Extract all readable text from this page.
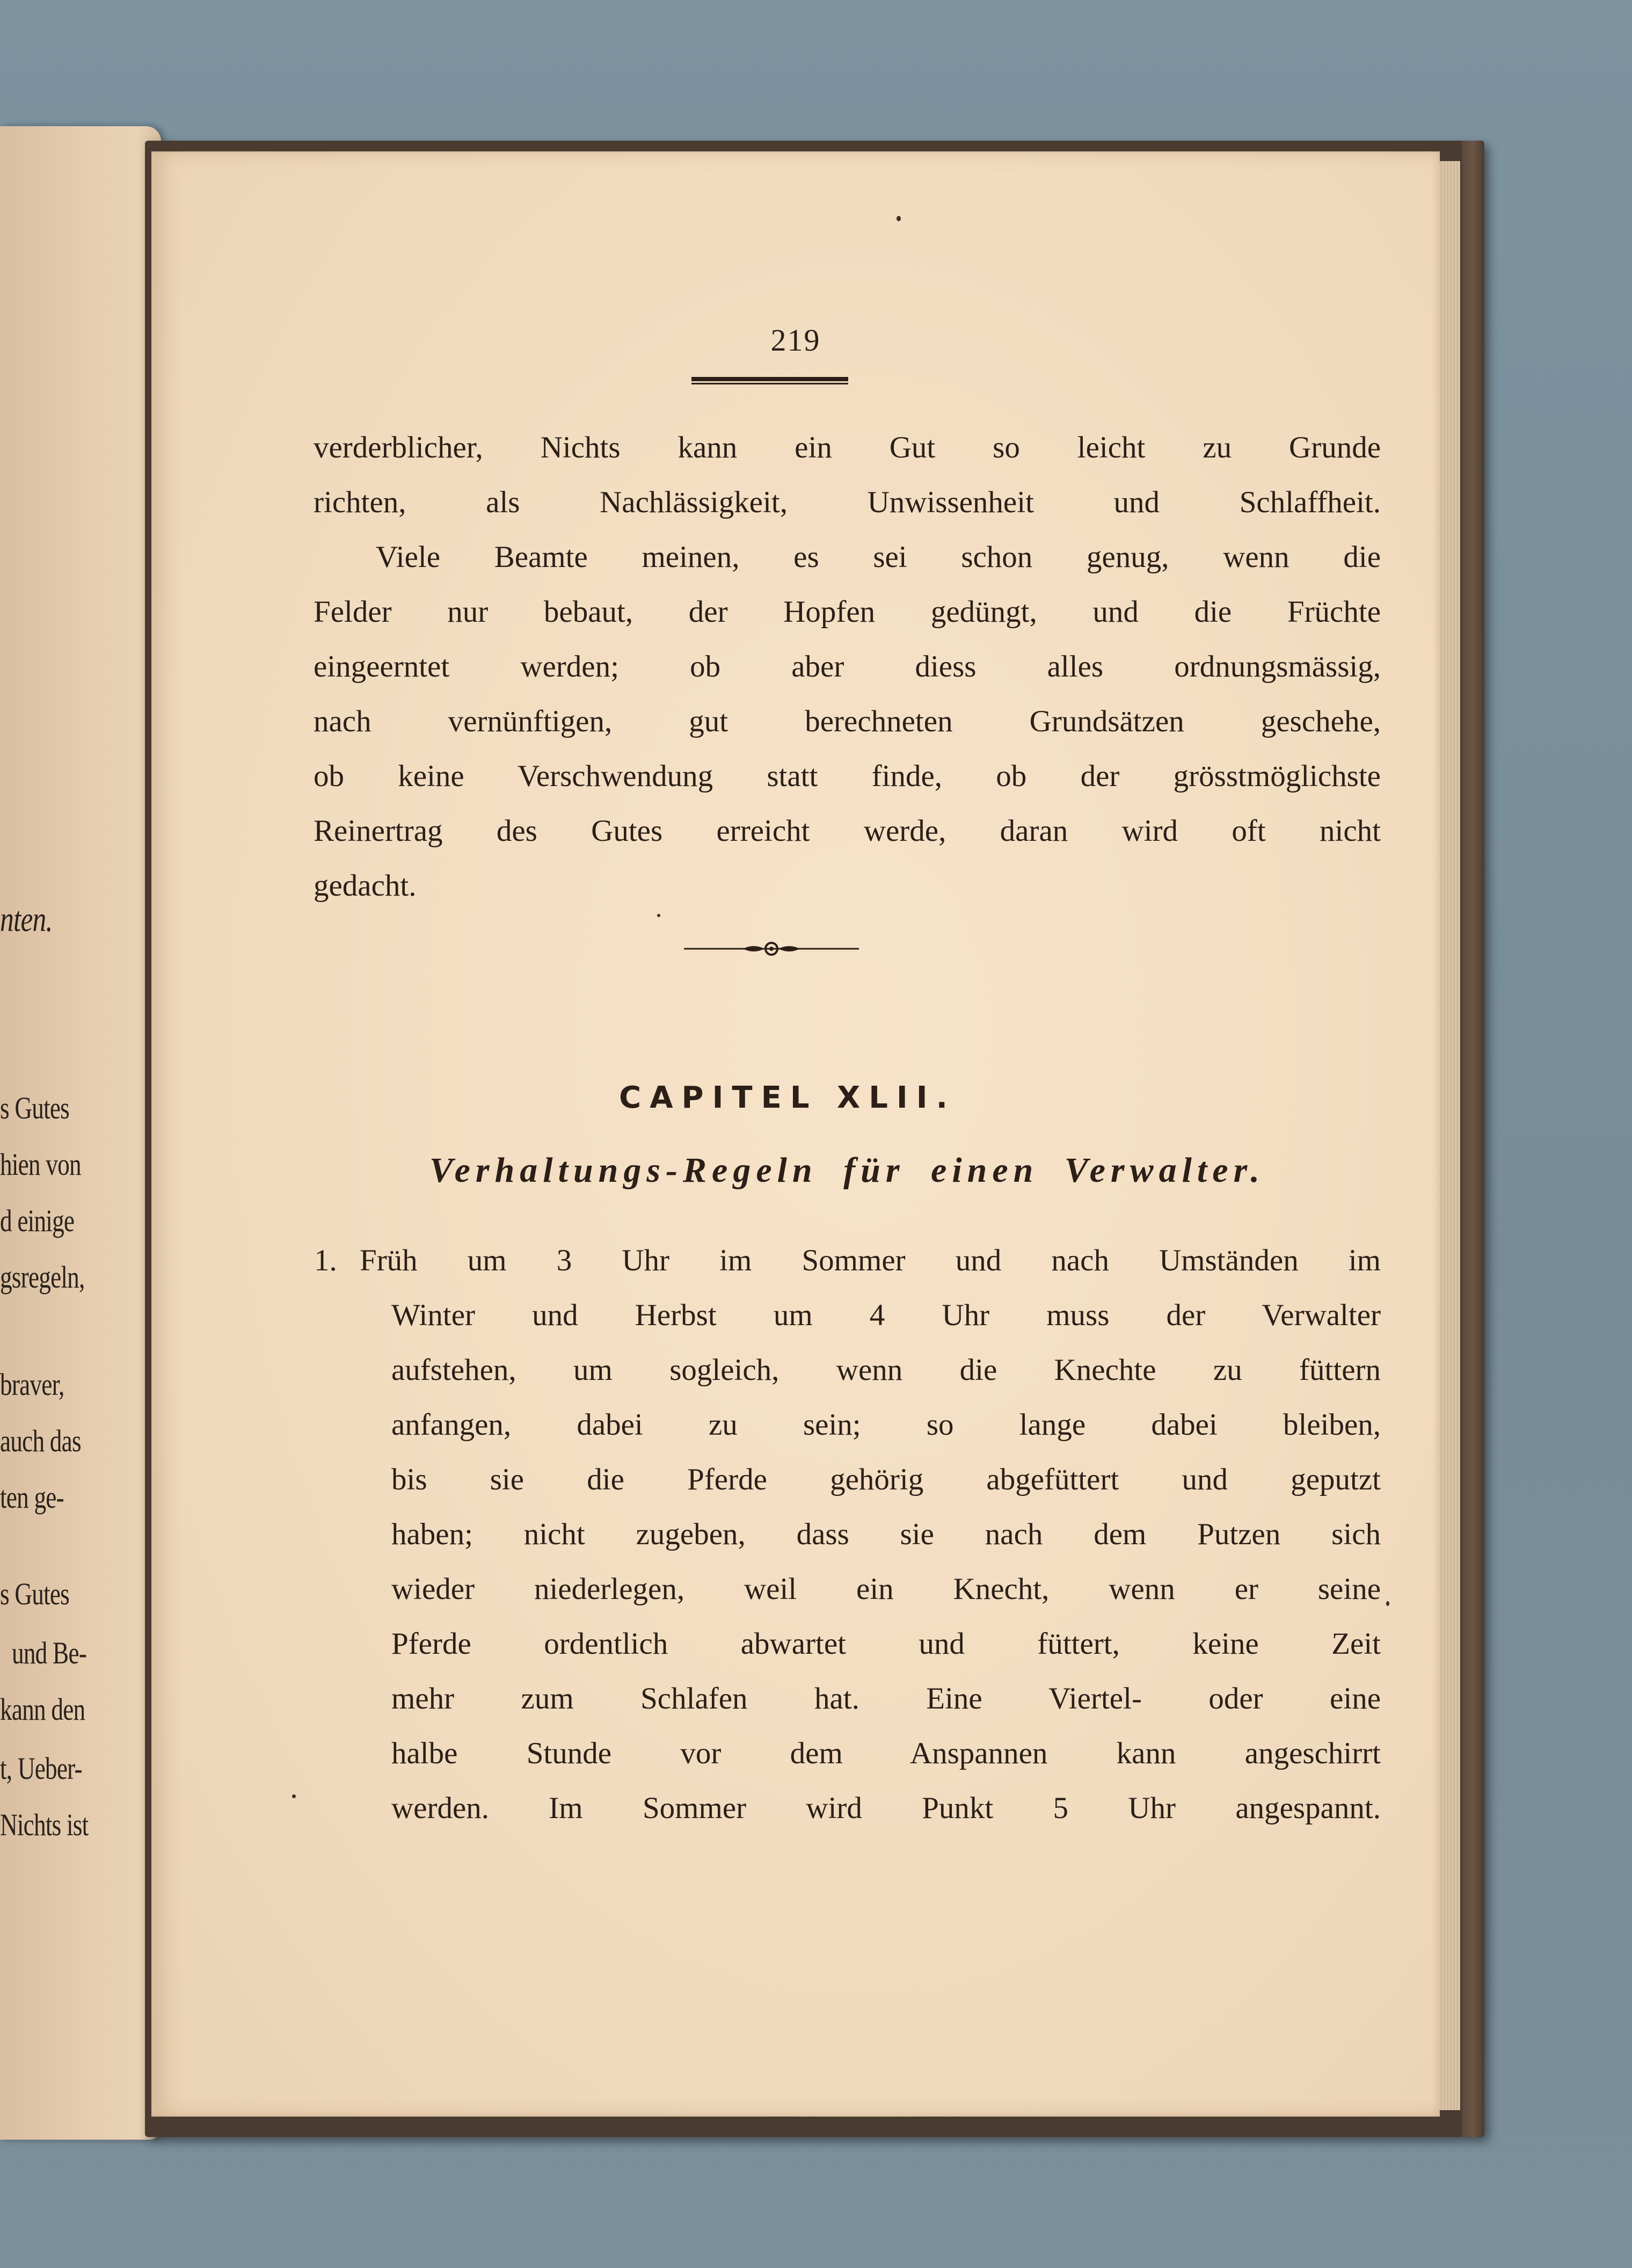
nten.
s Gutes
hien von
d einige
gsregeln,
braver,
auch das
ten ge-
s Gutes
und Be-
kann den
t, Ueber-
Nichts ist
219
verderblicher, Nichts kann ein Gut so leicht zu Grunde
richten, als Nachlässigkeit, Unwissenheit und Schlaffheit.
Viele Beamte meinen, es sei schon genug, wenn die
Felder nur bebaut, der Hopfen gedüngt, und die Früchte
eingeerntet werden; ob aber diess alles ordnungsmässig,
nach vernünftigen, gut berechneten Grundsätzen geschehe,
ob keine Verschwendung statt finde, ob der grösstmöglichste
Reinertrag des Gutes erreicht werde, daran wird oft nicht
gedacht.
CAPITEL XLII.
Verhaltungs-Regeln für einen Verwalter.
1. Früh um 3 Uhr im Sommer und nach Umständen im
Winter und Herbst um 4 Uhr muss der Verwalter
aufstehen, um sogleich, wenn die Knechte zu füttern
anfangen, dabei zu sein; so lange dabei bleiben,
bis sie die Pferde gehörig abgefüttert und geputzt
haben; nicht zugeben, dass sie nach dem Putzen sich
wieder niederlegen, weil ein Knecht, wenn er seine
Pferde ordentlich abwartet und füttert, keine Zeit
mehr zum Schlafen hat. Eine Viertel- oder eine
halbe Stunde vor dem Anspannen kann angeschirrt
werden. Im Sommer wird Punkt 5 Uhr angespannt.
